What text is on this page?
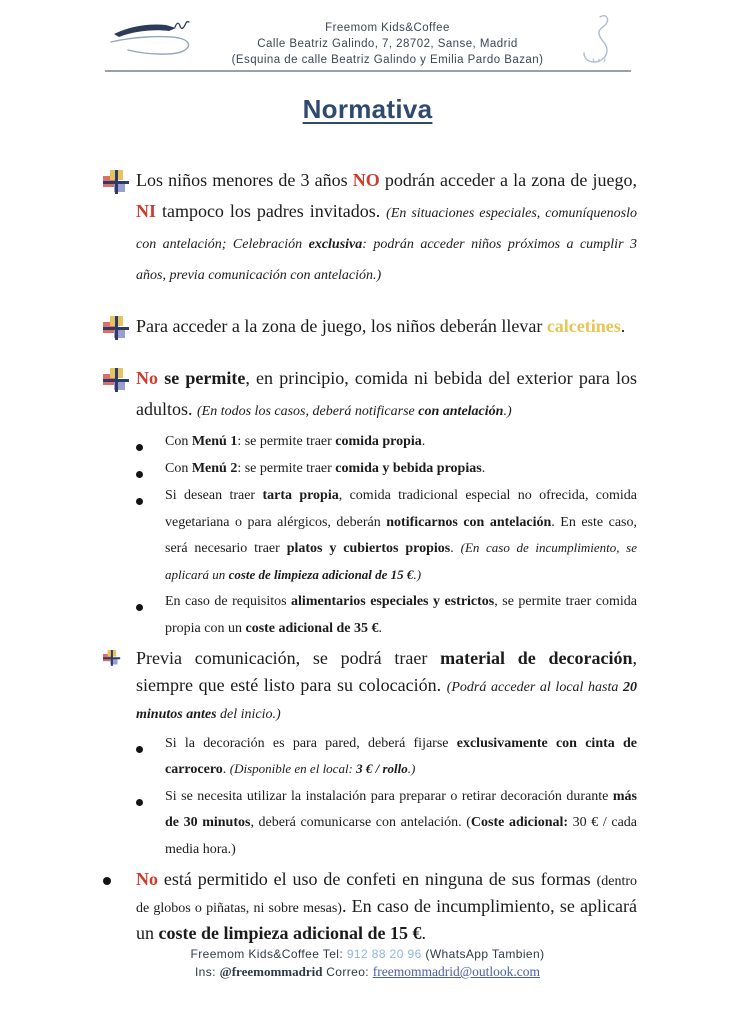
Freemom Kids&Coffee
Calle Beatriz Galindo, 7, 28702, Sanse, Madrid
(Esquina de calle Beatriz Galindo y Emilia Pardo Bazan)
Normativa

Los niños menores de 3 años NO podrán acceder a la zona de juego, NI tampoco los padres invitados. (En situaciones especiales, comuníquenoslo con antelación; Celebración exclusiva: podrán acceder niños próximos a cumplir 3 años, previa comunicación con antelación.)

Para acceder a la zona de juego, los niños deberán llevar calcetines.

No se permite, en principio, comida ni bebida del exterior para los adultos. (En todos los casos, deberá notificarse con antelación.)

Con Menú 1: se permite traer comida propia.

Con Menú 2: se permite traer comida y bebida propias.

Si desean traer tarta propia, comida tradicional especial no ofrecida, comida vegetariana o para alérgicos, deberán notificarnos con antelación. En este caso, será necesario traer platos y cubiertos propios. (En caso de incumplimiento, se aplicará un coste de limpieza adicional de 15 €.)

En caso de requisitos alimentarios especiales y estrictos, se permite traer comida propia con un coste adicional de 35 €.

Previa comunicación, se podrá traer material de decoración, siempre que esté listo para su colocación. (Podrá acceder al local hasta 20 minutos antes del inicio.)

Si la decoración es para pared, deberá fijarse exclusivamente con cinta de carrocero. (Disponible en el local: 3 € / rollo.)

Si se necesita utilizar la instalación para preparar o retirar decoración durante más de 30 minutos, deberá comunicarse con antelación. (Coste adicional: 30 € / cada media hora.)

No está permitido el uso de confeti en ninguna de sus formas (dentro de globos o piñatas, ni sobre mesas). En caso de incumplimiento, se aplicará un coste de limpieza adicional de 15 €.

Freemom Kids&Coffee Tel: 912 88 20 96 (WhatsApp Tambien)
Ins: @freemommadrid Correo: freemommadrid@outlook.com
